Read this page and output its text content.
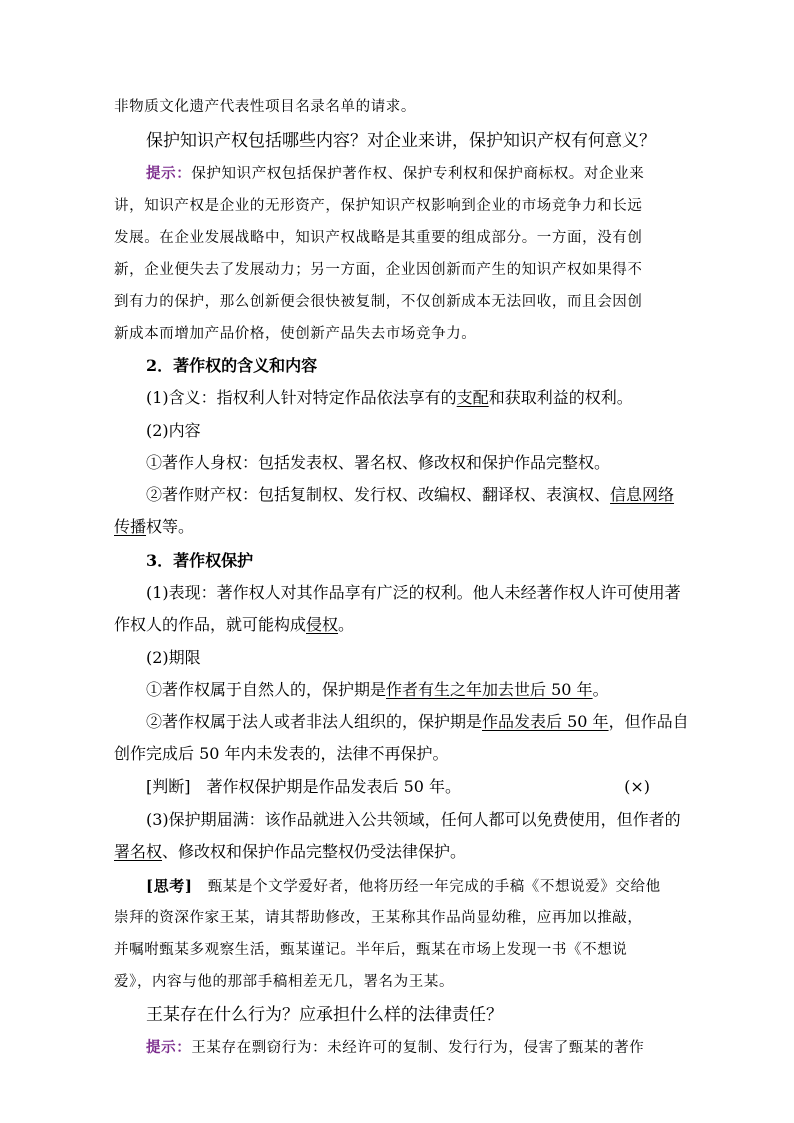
非物质文化遗产代表性项目名录名单的请求。
保护知识产权包括哪些内容？对企业来讲，保护知识产权有何意义？
提示：保护知识产权包括保护著作权、保护专利权和保护商标权。对企业来
讲，知识产权是企业的无形资产，保护知识产权影响到企业的市场竞争力和长远
发展。在企业发展战略中，知识产权战略是其重要的组成部分。一方面，没有创
新，企业便失去了发展动力；另一方面，企业因创新而产生的知识产权如果得不
到有力的保护，那么创新便会很快被复制，不仅创新成本无法回收，而且会因创
新成本而增加产品价格，使创新产品失去市场竞争力。
2．著作权的含义和内容
(1)含义：指权利人针对特定作品依法享有的支配和获取利益的权利。
(2)内容
①著作人身权：包括发表权、署名权、修改权和保护作品完整权。
②著作财产权：包括复制权、发行权、改编权、翻译权、表演权、信息网络
传播权等。
3．著作权保护
(1)表现：著作权人对其作品享有广泛的权利。他人未经著作权人许可使用著
作权人的作品，就可能构成侵权。
(2)期限
①著作权属于自然人的，保护期是作者有生之年加去世后 50 年。
②著作权属于法人或者非法人组织的，保护期是作品发表后 50 年，但作品自
创作完成后 50 年内未发表的，法律不再保护。
[判断]　著作权保护期是作品发表后 50 年。	(×)
(3)保护期届满：该作品就进入公共领域，任何人都可以免费使用，但作者的
署名权、修改权和保护作品完整权仍受法律保护。
[思考]　甄某是个文学爱好者，他将历经一年完成的手稿《不想说爱》交给他
崇拜的资深作家王某，请其帮助修改，王某称其作品尚显幼稚，应再加以推敲，
并嘱咐甄某多观察生活，甄某谨记。半年后，甄某在市场上发现一书《不想说
爱》，内容与他的那部手稿相差无几，署名为王某。
王某存在什么行为？应承担什么样的法律责任？
提示：王某存在剽窃行为：未经许可的复制、发行行为，侵害了甄某的著作
